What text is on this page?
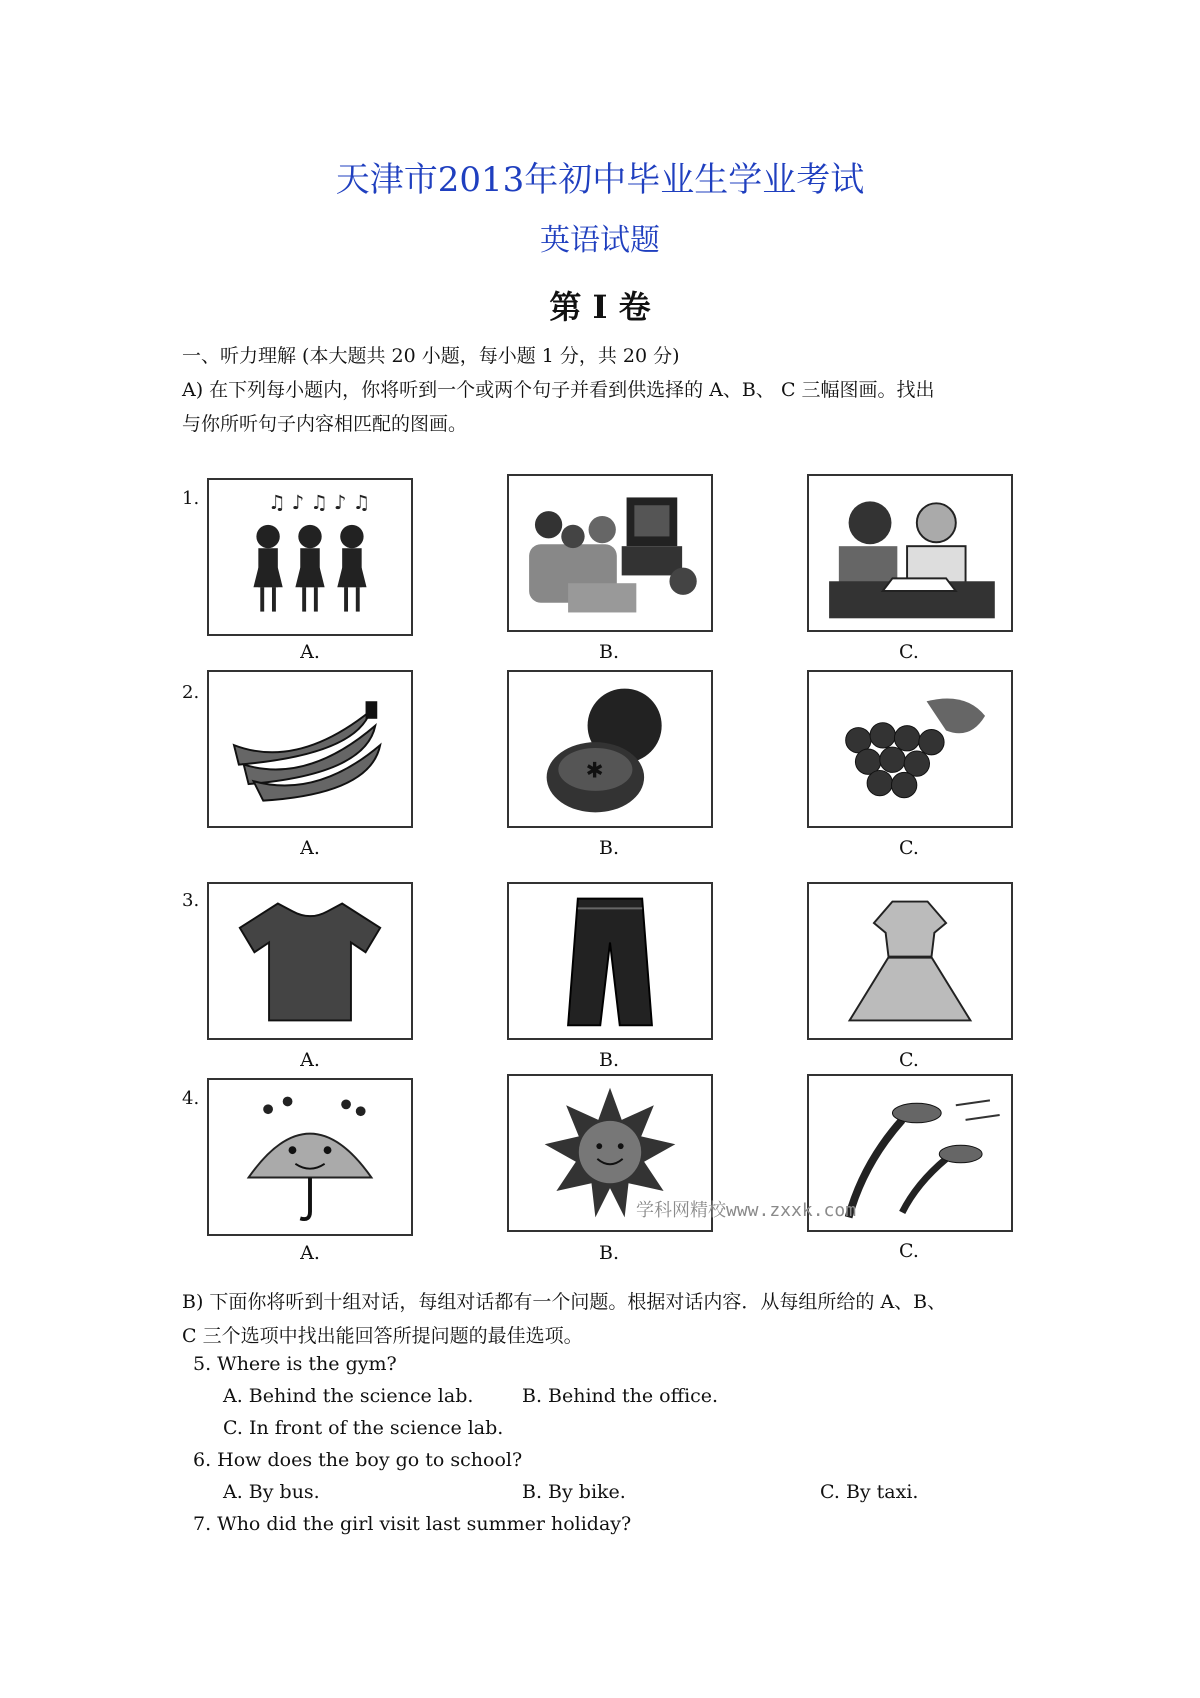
天津市2013年初中毕业生学业考试
英语试题
第 I 卷
一、听力理解 (本大题共 20 小题，每小题 1 分，共 20 分)
A) 在下列每小题内，你将听到一个或两个句子并看到供选择的 A、B、 C 三幅图画。找出
与你所听句子内容相匹配的图画。
1.
2.
3.
4.
♫ ♪ ♫ ♪ ♫
A.	B.	C.
✱
A.	B.	C.
A.	B.	C.
A.	B.	C.
学科网精校www.zxxk.com
B) 下面你将听到十组对话，每组对话都有一个问题。根据对话内容．从每组所给的 A、B、
C 三个选项中找出能回答所提问题的最佳选项。
5. Where is the gym?
A. Behind the science lab.	B. Behind the office.
C. In front of the science lab.
6. How does the boy go to school?
A. By bus.	B. By bike.	C. By taxi.
7. Who did the girl visit last summer holiday?
